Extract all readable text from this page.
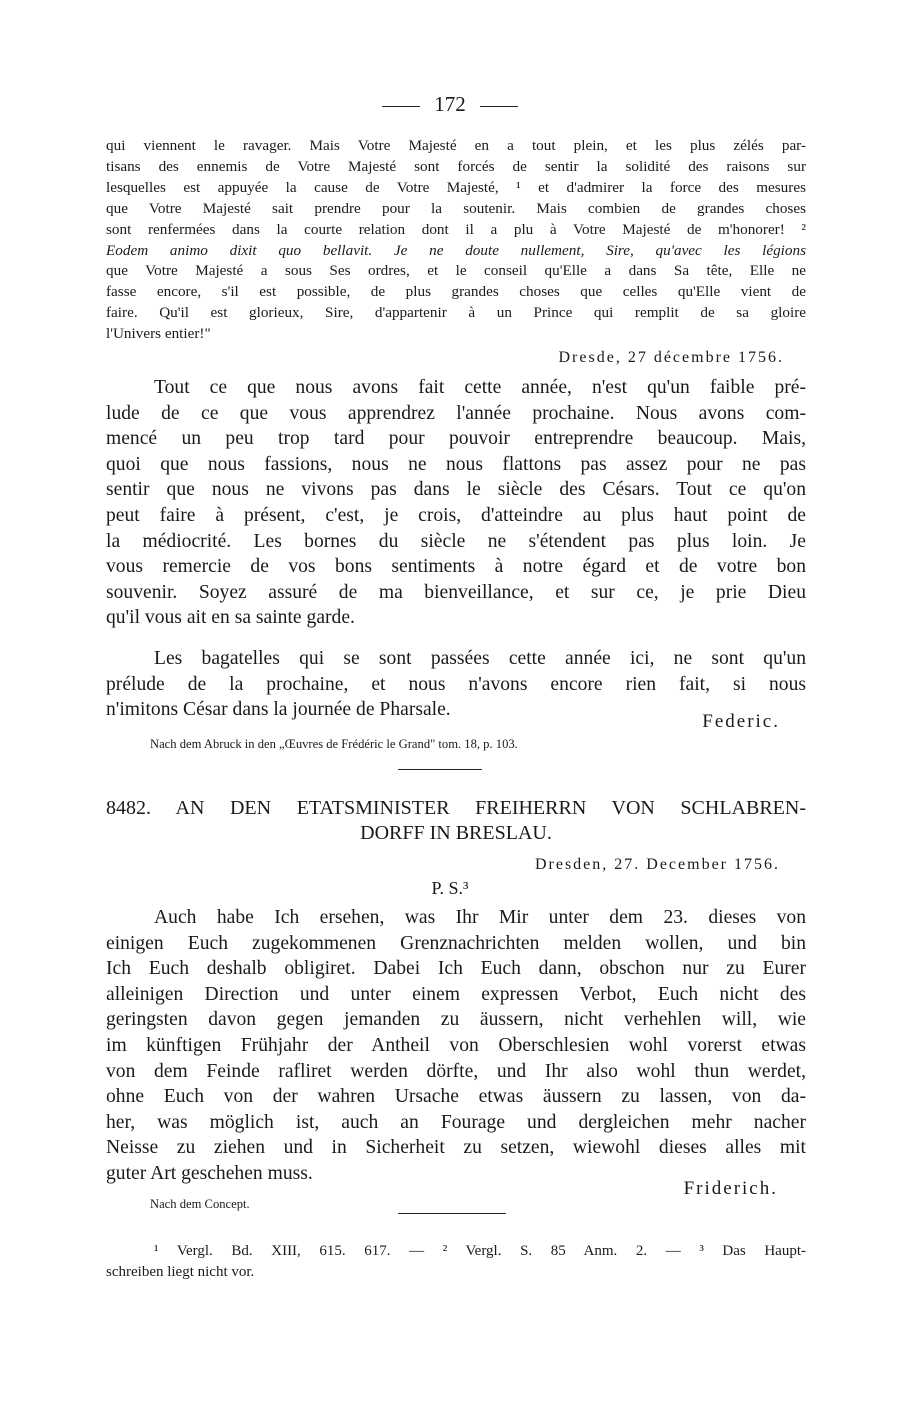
172
qui viennent le ravager. Mais Votre Majesté en a tout plein, et les plus zélés par-
tisans des ennemis de Votre Majesté sont forcés de sentir la solidité des raisons sur
lesquelles est appuyée la cause de Votre Majesté, ¹ et d'admirer la force des mesures
que Votre Majesté sait prendre pour la soutenir. Mais combien de grandes choses
sont renfermées dans la courte relation dont il a plu à Votre Majesté de m'honorer! ²
Eodem animo dixit quo bellavit. Je ne doute nullement, Sire, qu'avec les légions
que Votre Majesté a sous Ses ordres, et le conseil qu'Elle a dans Sa tête, Elle ne
fasse encore, s'il est possible, de plus grandes choses que celles qu'Elle vient de
faire. Qu'il est glorieux, Sire, d'appartenir à un Prince qui remplit de sa gloire
l'Univers entier!"
Dresde, 27 décembre 1756.
Tout ce que nous avons fait cette année, n'est qu'un faible pré-
lude de ce que vous apprendrez l'année prochaine. Nous avons com-
mencé un peu trop tard pour pouvoir entreprendre beaucoup. Mais,
quoi que nous fassions, nous ne nous flattons pas assez pour ne pas
sentir que nous ne vivons pas dans le siècle des Césars. Tout ce qu'on
peut faire à présent, c'est, je crois, d'atteindre au plus haut point de
la médiocrité. Les bornes du siècle ne s'étendent pas plus loin. Je
vous remercie de vos bons sentiments à notre égard et de votre bon
souvenir. Soyez assuré de ma bienveillance, et sur ce, je prie Dieu
qu'il vous ait en sa sainte garde.
Les bagatelles qui se sont passées cette année ici, ne sont qu'un
prélude de la prochaine, et nous n'avons encore rien fait, si nous
n'imitons César dans la journée de Pharsale.
Federic.
Nach dem Abruck in den „Œuvres de Frédéric le Grand" tom. 18, p. 103.
8482. AN DEN ETATSMINISTER FREIHERRN VON SCHLABREN-
DORFF IN BRESLAU.
Dresden, 27. December 1756.
P. S.³
Auch habe Ich ersehen, was Ihr Mir unter dem 23. dieses von
einigen Euch zugekommenen Grenznachrichten melden wollen, und bin
Ich Euch deshalb obligiret. Dabei Ich Euch dann, obschon nur zu Eurer
alleinigen Direction und unter einem expressen Verbot, Euch nicht des
geringsten davon gegen jemanden zu äussern, nicht verhehlen will, wie
im künftigen Frühjahr der Antheil von Oberschlesien wohl vorerst etwas
von dem Feinde rafliret werden dörfte, und Ihr also wohl thun werdet,
ohne Euch von der wahren Ursache etwas äussern zu lassen, von da-
her, was möglich ist, auch an Fourage und dergleichen mehr nacher
Neisse zu ziehen und in Sicherheit zu setzen, wiewohl dieses alles mit
guter Art geschehen muss.
Friderich.
Nach dem Concept.
¹ Vergl. Bd. XIII, 615. 617. — ² Vergl. S. 85 Anm. 2. — ³ Das Haupt-
schreiben liegt nicht vor.
